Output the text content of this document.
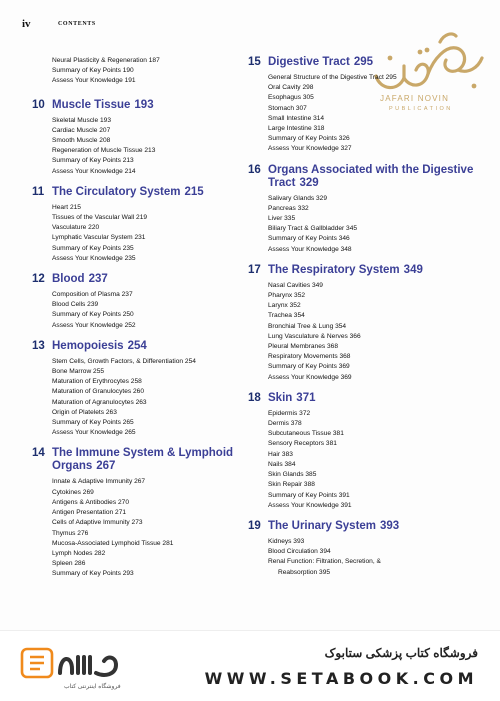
iv	CONTENTS
JAFARI NOVIN
PUBLICATION
Neural Plasticity & Regeneration 187
Summary of Key Points 190
Assess Your Knowledge 191
10 Muscle Tissue 193
Skeletal Muscle 193
Cardiac Muscle 207
Smooth Muscle 208
Regeneration of Muscle Tissue 213
Summary of Key Points 213
Assess Your Knowledge 214
11 The Circulatory System 215
Heart 215
Tissues of the Vascular Wall 219
Vasculature 220
Lymphatic Vascular System 231
Summary of Key Points 235
Assess Your Knowledge 235
12 Blood 237
Composition of Plasma 237
Blood Cells 239
Summary of Key Points 250
Assess Your Knowledge 252
13 Hemopoiesis 254
Stem Cells, Growth Factors, & Differentiation 254
Bone Marrow 255
Maturation of Erythrocytes 258
Maturation of Granulocytes 260
Maturation of Agranulocytes 263
Origin of Platelets 263
Summary of Key Points 265
Assess Your Knowledge 265
14 The Immune System & Lymphoid Organs 267
Innate & Adaptive Immunity 267
Cytokines 269
Antigens & Antibodies 270
Antigen Presentation 271
Cells of Adaptive Immunity 273
Thymus 276
Mucosa-Associated Lymphoid Tissue 281
Lymph Nodes 282
Spleen 286
Summary of Key Points 293
15 Digestive Tract 295
General Structure of the Digestive Tract 295
Oral Cavity 298
Esophagus 305
Stomach 307
Small Intestine 314
Large Intestine 318
Summary of Key Points 326
Assess Your Knowledge 327
16 Organs Associated with the Digestive Tract 329
Salivary Glands 329
Pancreas 332
Liver 335
Biliary Tract & Gallbladder 345
Summary of Key Points 346
Assess Your Knowledge 348
17 The Respiratory System 349
Nasal Cavities 349
Pharynx 352
Larynx 352
Trachea 354
Bronchial Tree & Lung 354
Lung Vasculature & Nerves 366
Pleural Membranes 368
Respiratory Movements 368
Summary of Key Points 369
Assess Your Knowledge 369
18 Skin 371
Epidermis 372
Dermis 378
Subcutaneous Tissue 381
Sensory Receptors 381
Hair 383
Nails 384
Skin Glands 385
Skin Repair 388
Summary of Key Points 391
Assess Your Knowledge 391
19 The Urinary System 393
Kidneys 393
Blood Circulation 394
Renal Function: Filtration, Secretion, &
Reabsorption 395
فروشگاه اینترنتی کتاب
فروشگاه کتاب پزشکی ستابوک
WWW.SETABOOK.COM
